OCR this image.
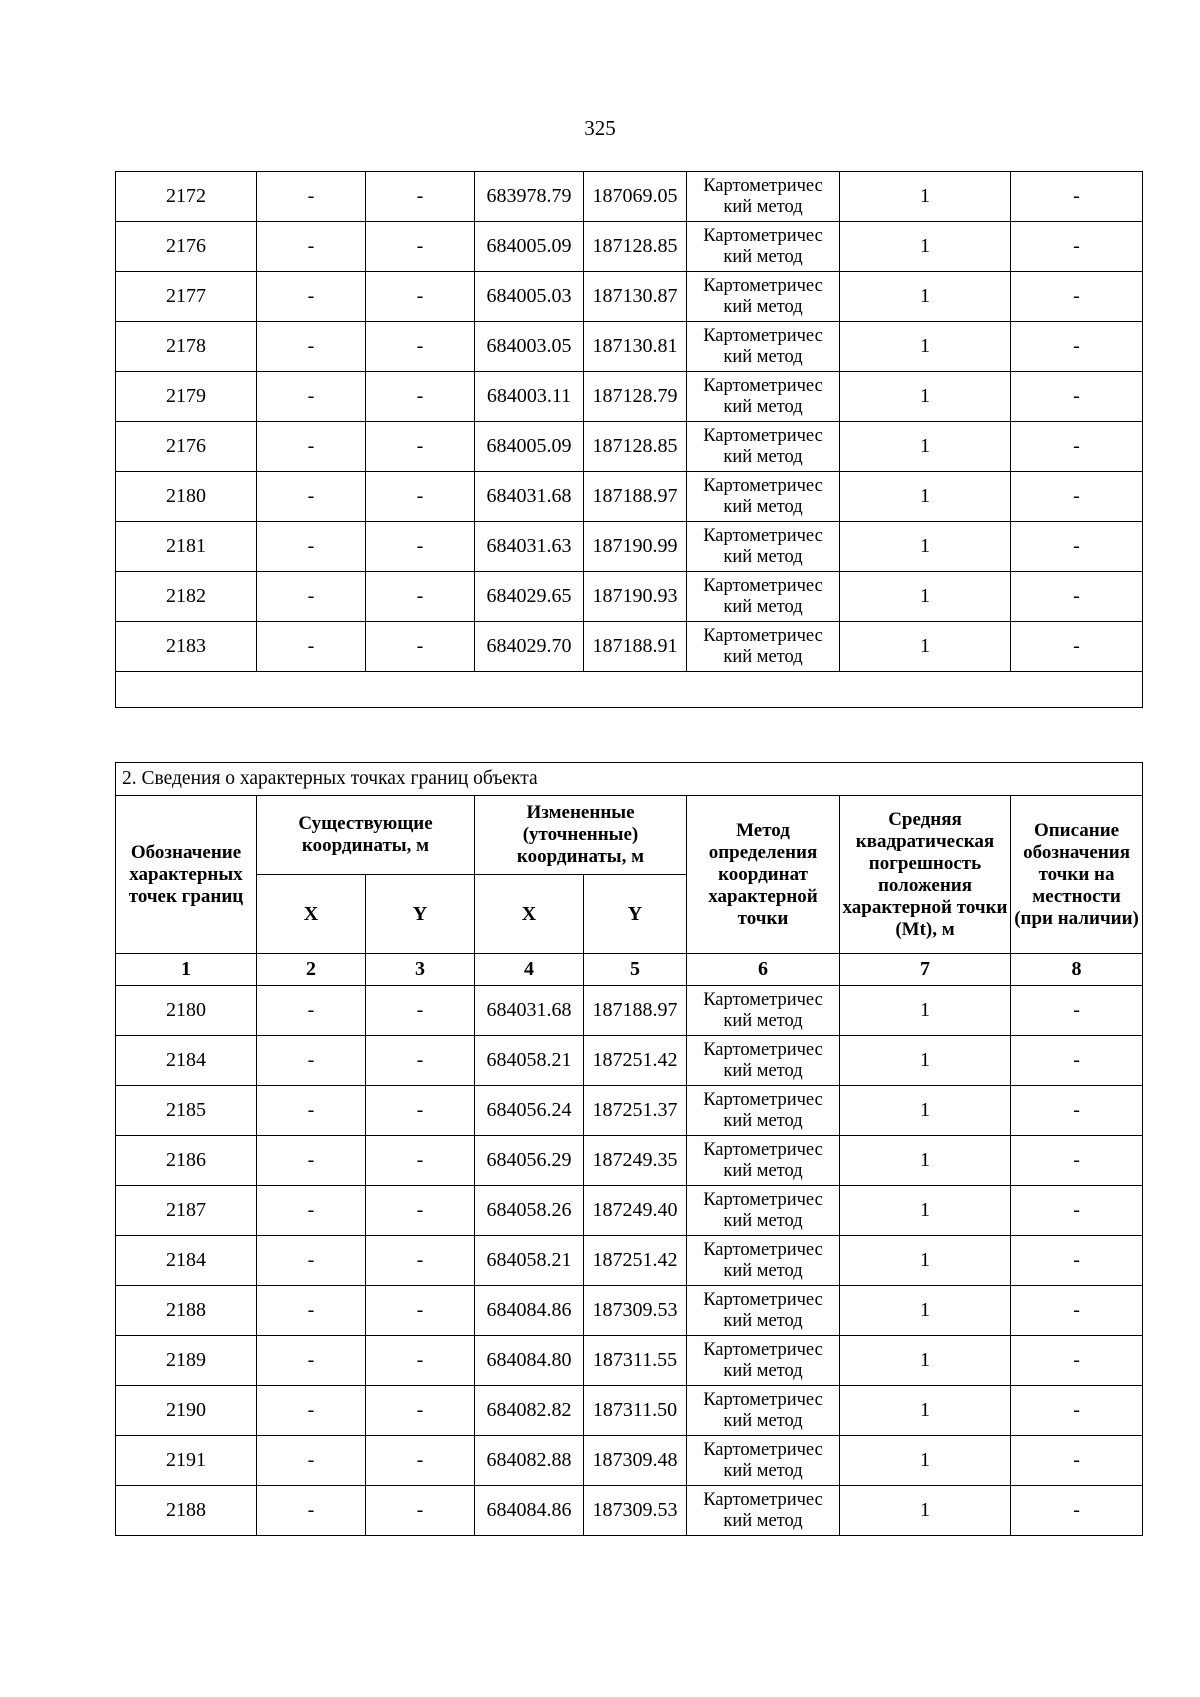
325
2172	-	-	683978.79	187069.05	Картометричес кий метод	1	-
2176	-	-	684005.09	187128.85	Картометричес кий метод	1	-
2177	-	-	684005.03	187130.87	Картометричес кий метод	1	-
2178	-	-	684003.05	187130.81	Картометричес кий метод	1	-
2179	-	-	684003.11	187128.79	Картометричес кий метод	1	-
2176	-	-	684005.09	187128.85	Картометричес кий метод	1	-
2180	-	-	684031.68	187188.97	Картометричес кий метод	1	-
2181	-	-	684031.63	187190.99	Картометричес кий метод	1	-
2182	-	-	684029.65	187190.93	Картометричес кий метод	1	-
2183	-	-	684029.70	187188.91	Картометричес кий метод	1	-

2. Сведения о характерных точках границ объекта							
Обозначение характерных точек границ	Существующие координаты, м		Измененные (уточненные) координаты, м		Метод определения координат характерной точки	Средняя квадратическая погрешность положения характерной точки (Mt), м	Описание обозначения точки на местности (при наличии)
	X	Y	X	Y			
1	2	3	4	5	6	7	8
2180	-	-	684031.68	187188.97	Картометричес кий метод	1	-
2184	-	-	684058.21	187251.42	Картометричес кий метод	1	-
2185	-	-	684056.24	187251.37	Картометричес кий метод	1	-
2186	-	-	684056.29	187249.35	Картометричес кий метод	1	-
2187	-	-	684058.26	187249.40	Картометричес кий метод	1	-
2184	-	-	684058.21	187251.42	Картометричес кий метод	1	-
2188	-	-	684084.86	187309.53	Картометричес кий метод	1	-
2189	-	-	684084.80	187311.55	Картометричес кий метод	1	-
2190	-	-	684082.82	187311.50	Картометричес кий метод	1	-
2191	-	-	684082.88	187309.48	Картометричес кий метод	1	-
2188	-	-	684084.86	187309.53	Картометричес кий метод	1	-
